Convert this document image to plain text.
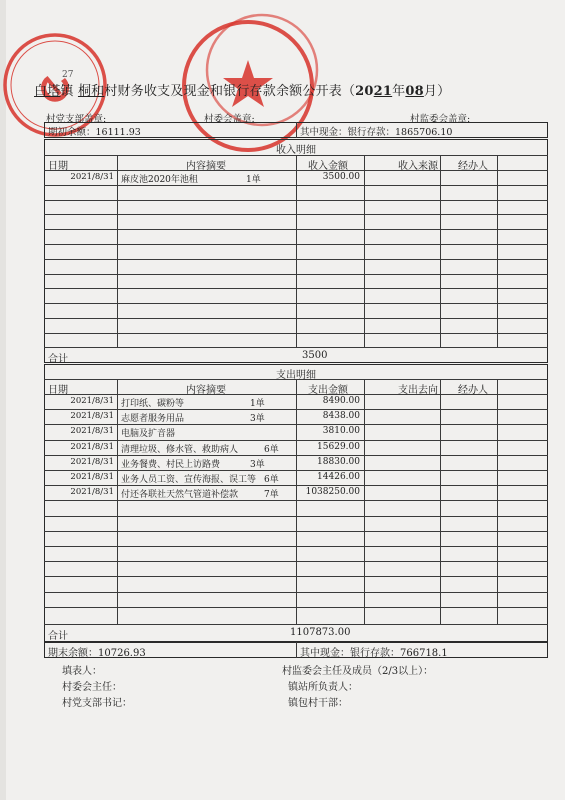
27
白塔镇 桐和村财务收支及现金和银行存款余额公开表（2021年08月）
村党支部盖章:	村委会盖章:	村监委会盖章:
期初余额：16111.93	其中现金：银行存款：1865706.10
收入明细
日期	内容摘要	收入金额	收入来源 经办人
2021/8/31 麻皮池2020年池租	1单	3500.00
合计	3500
支出明细
日期	内容摘要	支出金额	支出去向 经办人
2021/8/31 打印纸、碳粉等	1单	8490.00
2021/8/31 志愿者服务用品	3单	8438.00
2021/8/31 电脑及扩音器	3810.00
2021/8/31 清理垃圾、修水管、救助病人	6单	15629.00
2021/8/31 业务餐费、村民上访路费	3单	18830.00
2021/8/31 业务人员工资、宣传海报、误工等 6单	14426.00
2021/8/31 付还各联社天然气管道补偿款	7单	1038250.00
合计	1107873.00
期末余额：10726.93	其中现金：银行存款：766718.1
填表人：	村监委会主任及成员（2/3以上）：
村委会主任：	镇站所负责人：
村党支部书记：	镇包村干部：
